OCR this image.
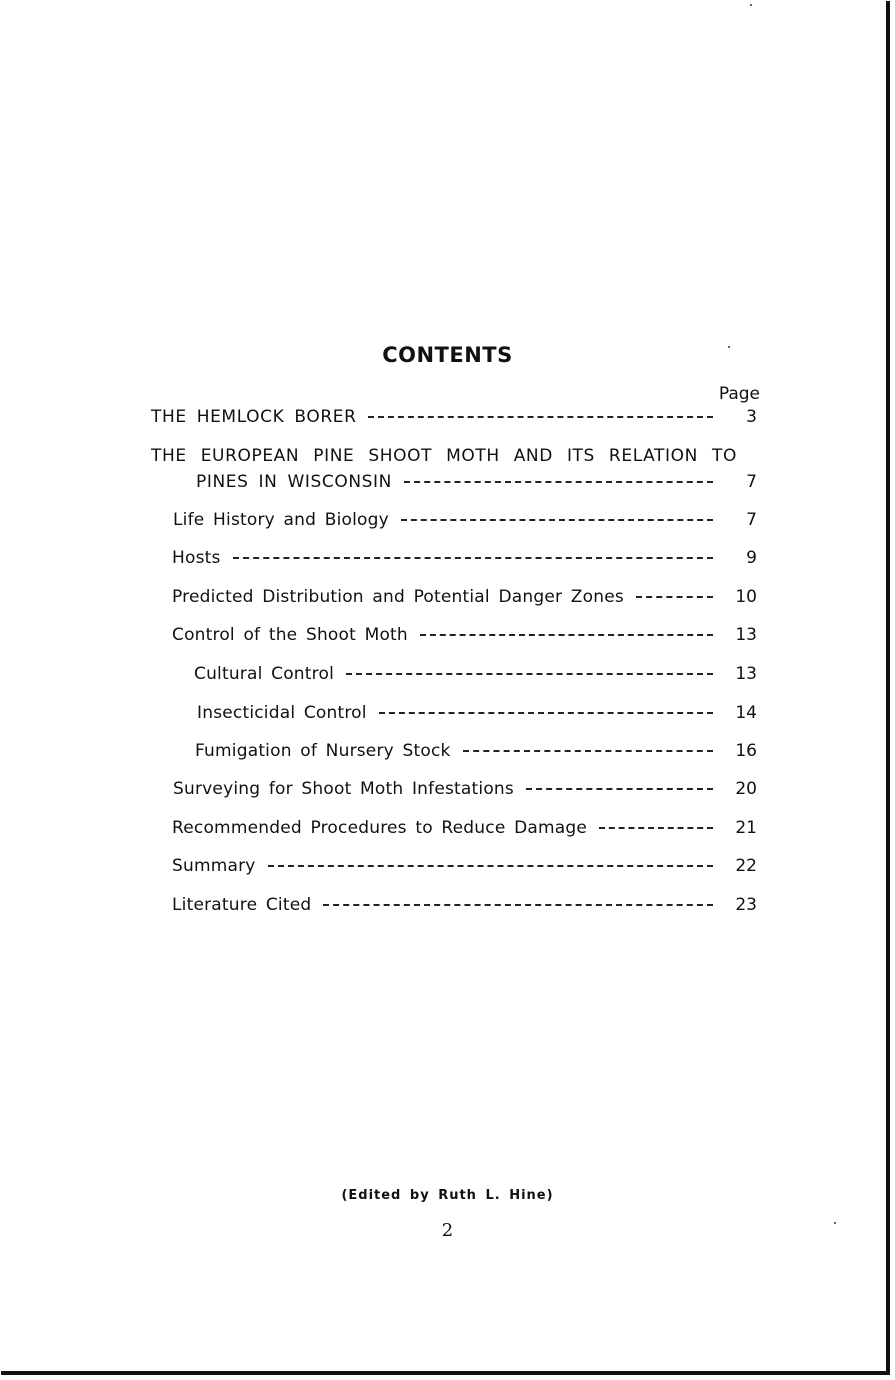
CONTENTS
Page
THE HEMLOCK BORER	3
THE EUROPEAN PINE SHOOT MOTH AND ITS RELATION TO
PINES IN WISCONSIN	7
Life History and Biology	7
Hosts	9
Predicted Distribution and Potential Danger Zones	10
Control of the Shoot Moth	13
Cultural Control	13
Insecticidal Control	14
Fumigation of Nursery Stock	16
Surveying for Shoot Moth Infestations	20
Recommended Procedures to Reduce Damage	21
Summary	22
Literature Cited	23
(Edited by Ruth L. Hine)
2
